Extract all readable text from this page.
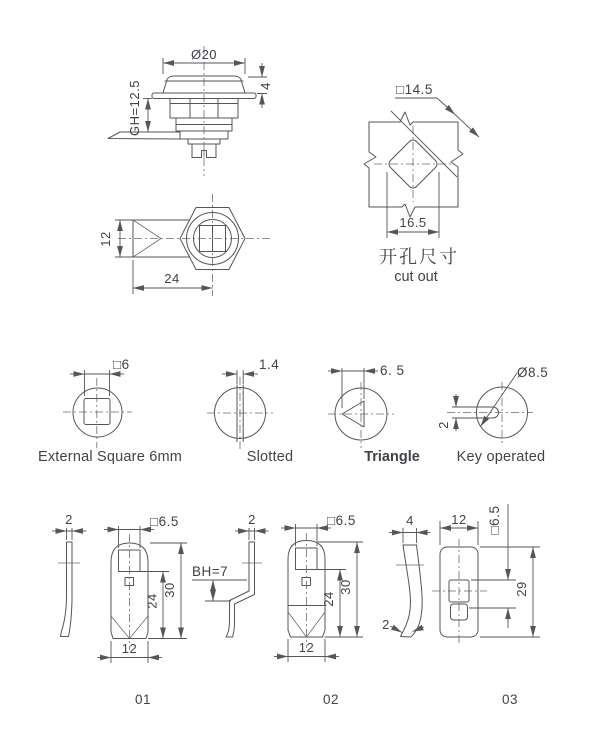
Ø20
4
GH=12.5
12
24
□14.5
16.5
开孔尺寸
cut out
□6
External Square 6mm
1.4
Slotted
6. 5
Triangle
Ø8.5
2
Key operated
2	□6.5
30
24
12
01
2
BH=7
□6.5
30
24
12
02
4
2
12 □6.5
29
03
